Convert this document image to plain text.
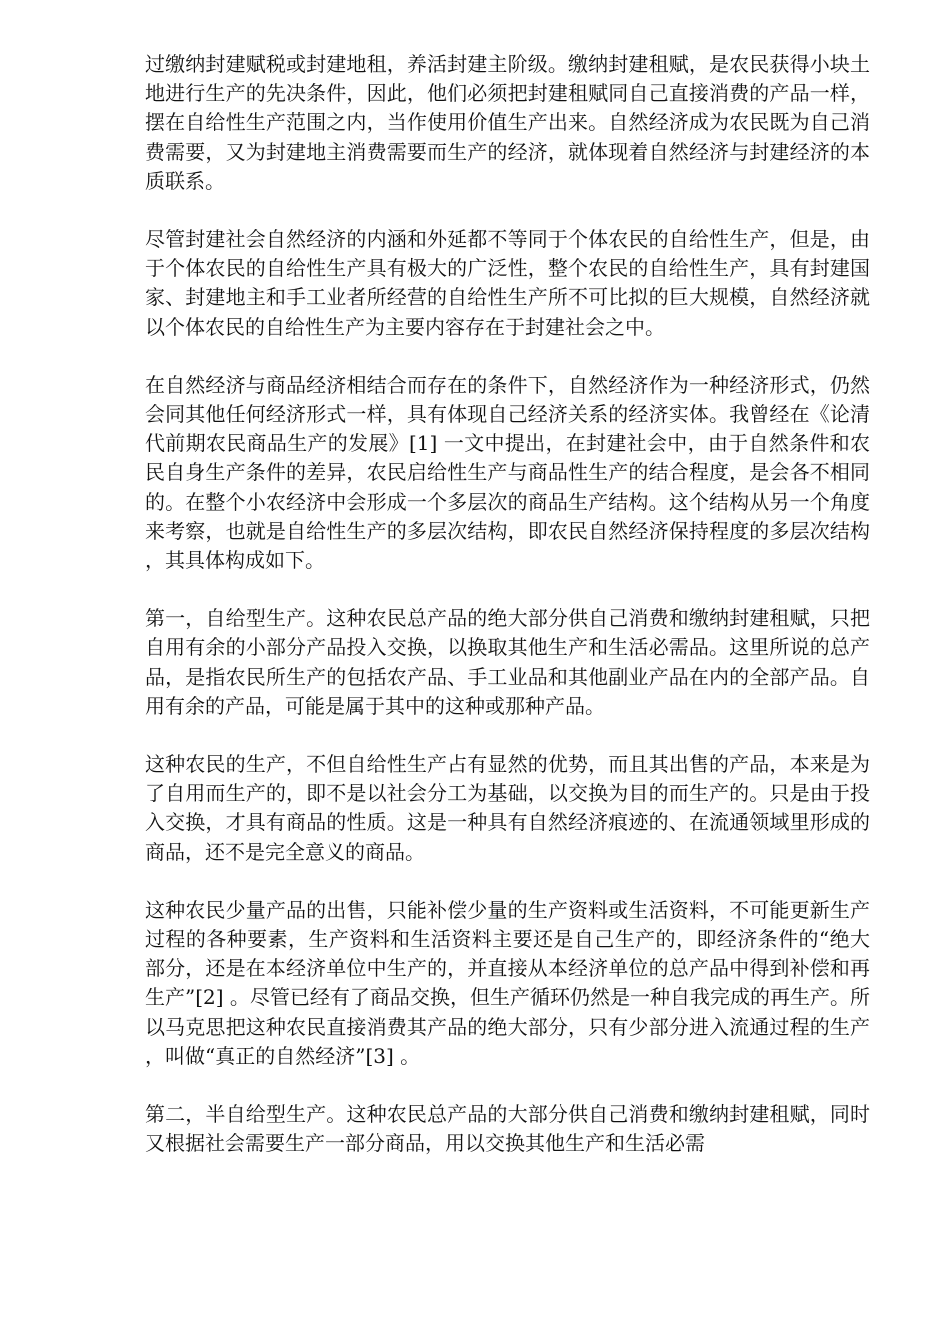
过缴纳封建赋税或封建地租，养活封建主阶级。缴纳封建租赋，是农民获得小块土地进行生产的先决条件，因此，他们必须把封建租赋同自己直接消费的产品一样，摆在自给性生产范围之内，当作使用价值生产出来。自然经济成为农民既为自己消费需要，又为封建地主消费需要而生产的经济，就体现着自然经济与封建经济的本质联系。

尽管封建社会自然经济的内涵和外延都不等同于个体农民的自给性生产，但是，由于个体农民的自给性生产具有极大的广泛性，整个农民的自给性生产，具有封建国家、封建地主和手工业者所经营的自给性生产所不可比拟的巨大规模，自然经济就以个体农民的自给性生产为主要内容存在于封建社会之中。

在自然经济与商品经济相结合而存在的条件下，自然经济作为一种经济形式，仍然会同其他任何经济形式一样，具有体现自己经济关系的经济实体。我曾经在《论清代前期农民商品生产的发展》[1] 一文中提出，在封建社会中，由于自然条件和农民自身生产条件的差异，农民启给性生产与商品性生产的结合程度，是会各不相同的。在整个小农经济中会形成一个多层次的商品生产结构。这个结构从另一个角度来考察，也就是自给性生产的多层次结构，即农民自然经济保持程度的多层次结构，其具体构成如下。

第一，自给型生产。这种农民总产品的绝大部分供自己消费和缴纳封建租赋，只把自用有余的小部分产品投入交换，以换取其他生产和生活必需品。这里所说的总产品，是指农民所生产的包括农产品、手工业品和其他副业产品在内的全部产品。自用有余的产品，可能是属于其中的这种或那种产品。

这种农民的生产，不但自给性生产占有显然的优势，而且其出售的产品，本来是为了自用而生产的，即不是以社会分工为基础，以交换为目的而生产的。只是由于投入交换，才具有商品的性质。这是一种具有自然经济痕迹的、在流通领域里形成的商品，还不是完全意义的商品。

这种农民少量产品的出售，只能补偿少量的生产资料或生活资料，不可能更新生产过程的各种要素，生产资料和生活资料主要还是自己生产的，即经济条件的“绝大部分，还是在本经济单位中生产的，并直接从本经济单位的总产品中得到补偿和再生产”[2] 。尽管已经有了商品交换，但生产循环仍然是一种自我完成的再生产。所以马克思把这种农民直接消费其产品的绝大部分，只有少部分进入流通过程的生产，叫做“真正的自然经济”[3] 。

第二，半自给型生产。这种农民总产品的大部分供自己消费和缴纳封建租赋，同时又根据社会需要生产一部分商品，用以交换其他生产和生活必需
